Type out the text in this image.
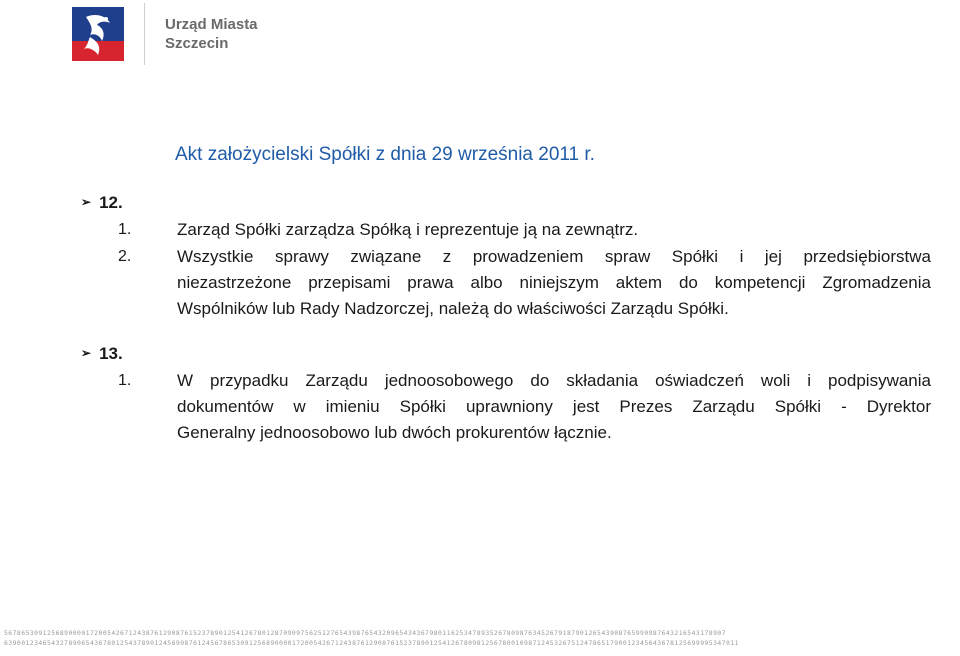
Urząd Miasta
Szczecin
Akt założycielski Spółki z dnia 29 września 2011 r.
➢ 12.
1.	Zarząd Spółki zarządza Spółką i reprezentuje ją na zewnątrz.
2.	Wszystkie sprawy związane z prowadzeniem spraw Spółki i jej przedsiębiorstwa
niezastrzeżone przepisami prawa albo niniejszym aktem do kompetencji Zgromadzenia
Wspólników lub Rady Nadzorczej, należą do właściwości Zarządu Spółki.
➢ 13.
1.	W przypadku Zarządu jednoosobowego do składania oświadczeń woli i podpisywania
dokumentów w imieniu Spółki uprawniony jest Prezes Zarządu Spółki - Dyrektor
Generalny jednoosobowo lub dwóch prokurentów łącznie.
567865309125689000017200542671243876129087615237890125412678012870909756251276543987654320965434367980116253478935267809876345267918790126543908765990987643216543178907
639001234654327890654367801254378901245690876124567865309125689000017200542671243876129087615237890125412678098125678001098712453267512478651790012345643678125699995347011
